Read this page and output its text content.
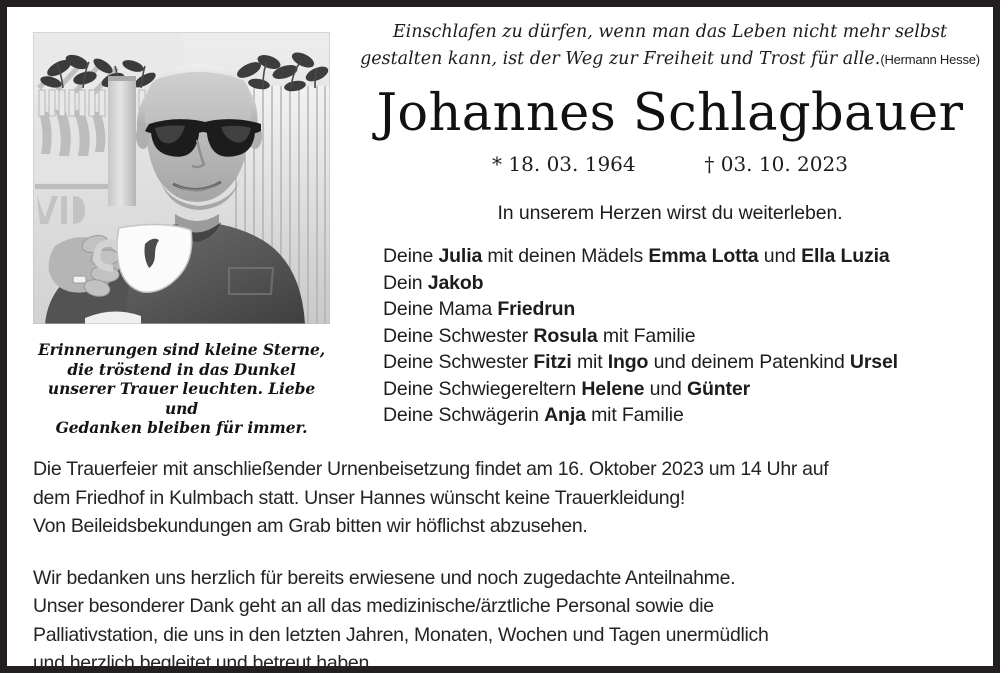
Erinnerungen sind kleine Sterne,
die tröstend in das Dunkel
unserer Trauer leuchten. Liebe und
Gedanken bleiben für immer.
Einschlafen zu dürfen, wenn man das Leben nicht mehr selbst
gestalten kann, ist der Weg zur Freiheit und Trost für alle.(Hermann Hesse)
Johannes Schlagbauer
* 18. 03. 1964	† 03. 10. 2023
In unserem Herzen wirst du weiterleben.
Deine Julia mit deinen Mädels Emma Lotta und Ella Luzia
Dein Jakob
Deine Mama Friedrun
Deine Schwester Rosula mit Familie
Deine Schwester Fitzi mit Ingo und deinem Patenkind Ursel
Deine Schwiegereltern Helene und Günter
Deine Schwägerin Anja mit Familie
Die Trauerfeier mit anschließender Urnenbeisetzung findet am 16. Oktober 2023 um 14 Uhr auf
dem Friedhof in Kulmbach statt. Unser Hannes wünscht keine Trauerkleidung!
Von Beileidsbekundungen am Grab bitten wir höflichst abzusehen.
Wir bedanken uns herzlich für bereits erwiesene und noch zugedachte Anteilnahme.
Unser besonderer Dank geht an all das medizinische/ärztliche Personal sowie die
Palliativstation, die uns in den letzten Jahren, Monaten, Wochen und Tagen unermüdlich
und herzlich begleitet und betreut haben.
